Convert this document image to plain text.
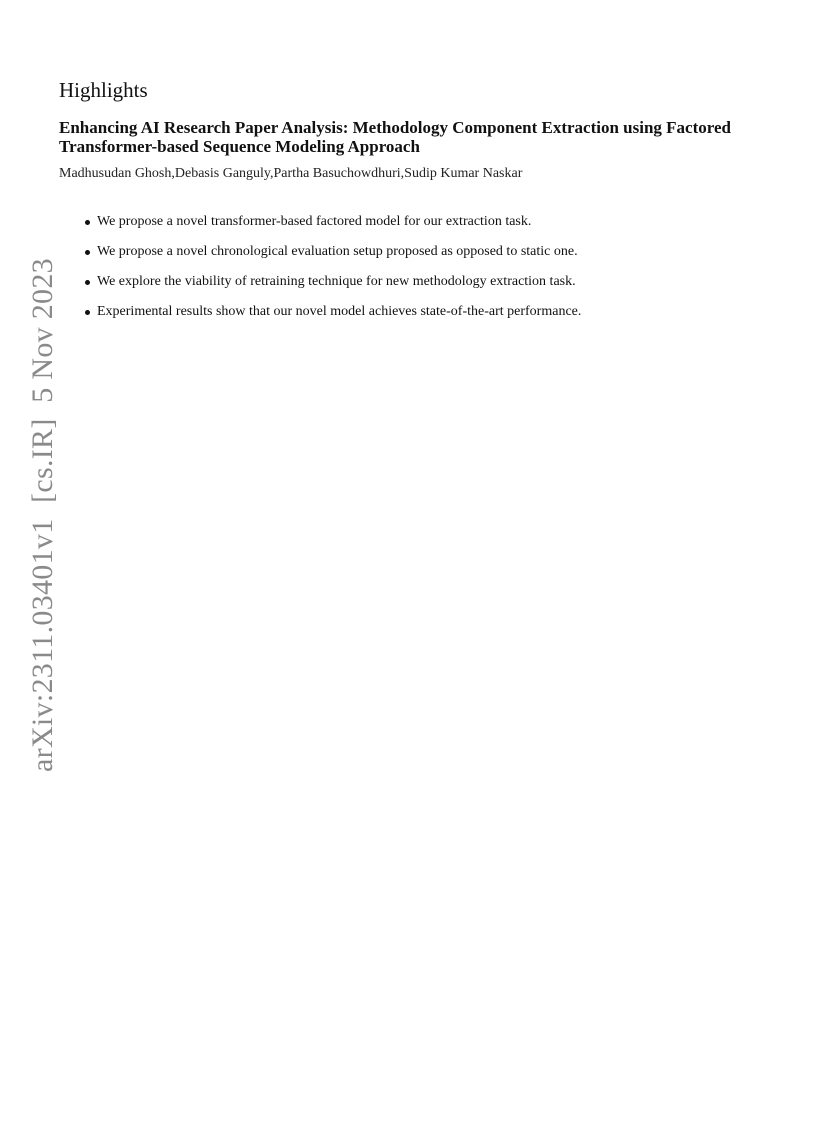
Highlights
Enhancing AI Research Paper Analysis: Methodology Component Extraction using Factored Transformer-based Sequence Modeling Approach

Madhusudan Ghosh,Debasis Ganguly,Partha Basuchowdhuri,Sudip Kumar Naskar

We propose a novel transformer-based factored model for our extraction task.
We propose a novel chronological evaluation setup proposed as opposed to static one.
We explore the viability of retraining technique for new methodology extraction task.
Experimental results show that our novel model achieves state-of-the-art performance.
arXiv:2311.03401v1  [cs.IR]  5 Nov 2023
